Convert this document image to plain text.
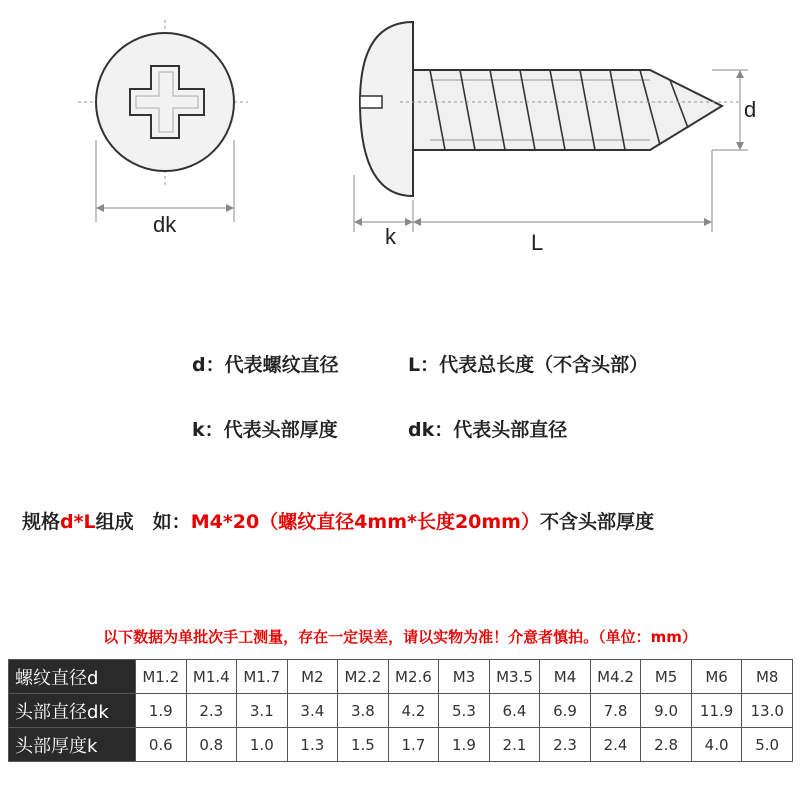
dk
d
k	L
d：代表螺纹直径	L：代表总长度（不含头部）
k：代表头部厚度	dk：代表头部直径
规格d*L组成　如：M4*20（螺纹直径4mm*长度20mm）不含头部厚度
以下数据为单批次手工测量，存在一定误差，请以实物为准！介意者慎拍。（单位：mm）
螺纹直径d	M1.2	M1.4	M1.7	M2	M2.2	M2.6	M3	M3.5	M4	M4.2	M5	M6	M8
头部直径dk	1.9	2.3	3.1	3.4	3.8	4.2	5.3	6.4	6.9	7.8	9.0	11.9	13.0
头部厚度k	0.6	0.8	1.0	1.3	1.5	1.7	1.9	2.1	2.3	2.4	2.8	4.0	5.0
